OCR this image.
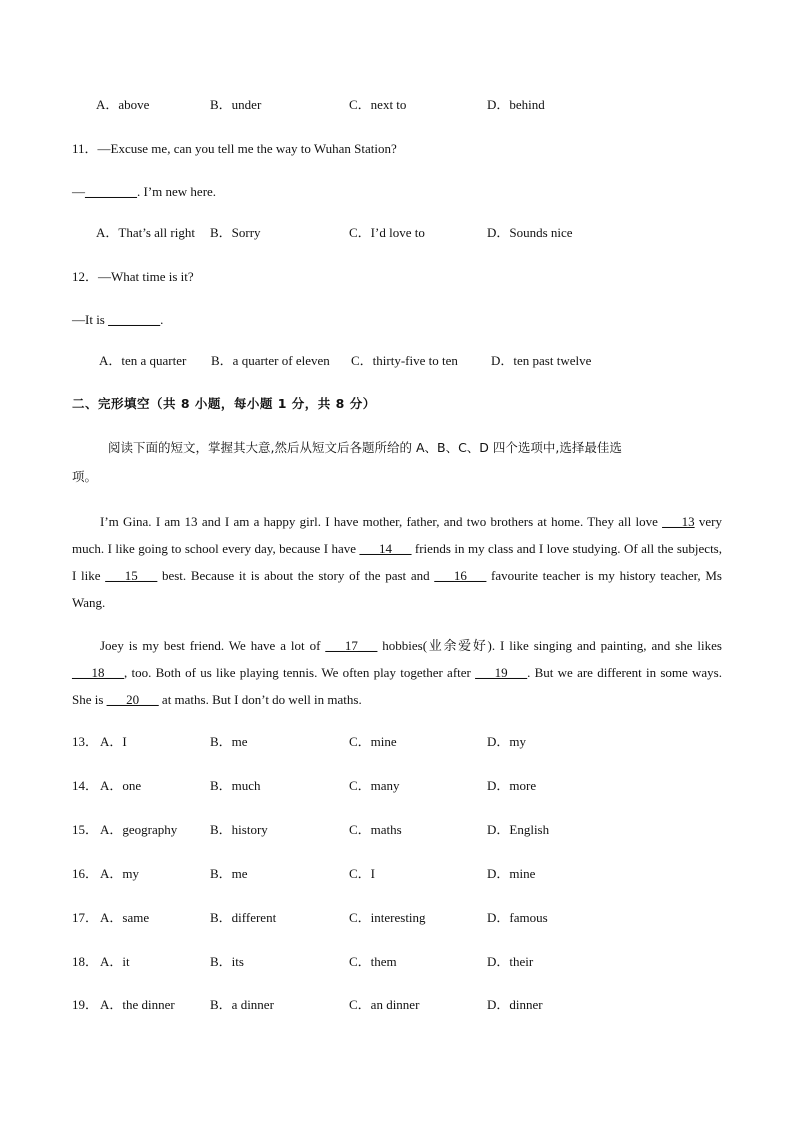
A．above	B．under	C．next to	D．behind
11．—Excuse me, can you tell me the way to Wuhan Station?
—________. I’m new here.
A．That’s all right B．Sorry	C．I’d love to	D．Sounds nice
12．—What time is it?
—It is ________.
A．ten a quarter B．a quarter of eleven C．thirty-five to ten	D．ten past twelve
二、完形填空（共 8 小题，每小题 1 分，共 8 分）
阅读下面的短文，掌握其大意,然后从短文后各题所给的 A、B、C、D 四个选项中,选择最佳选
项。
I’m Gina. I am 13 and I am a happy girl. I have mother, father, and two brothers at home. They all love ___13 very much. I like going to school every day, because I have ___14___ friends in my class and I love studying. Of all the subjects, I like ___15___ best. Because it is about the story of the past and ___16___ favourite teacher is my history teacher, Ms Wang.
Joey is my best friend. We have a lot of ___17___ hobbies(业余爱好). I like singing and painting, and she likes ___18___, too. Both of us like playing tennis. We often play together after ___19___. But we are different in some ways. She is ___20___ at maths. But I don’t do well in maths.
13． A．I	B．me	C．mine	D．my
14． A．one	B．much	C．many	D．more
15． A．geography	B．history	C．maths	D．English
16． A．my	B．me	C．I	D．mine
17． A．same	B．different	C．interesting	D．famous
18． A．it	B．its	C．them	D．their
19． A．the dinner	B．a dinner	C．an dinner	D．dinner
